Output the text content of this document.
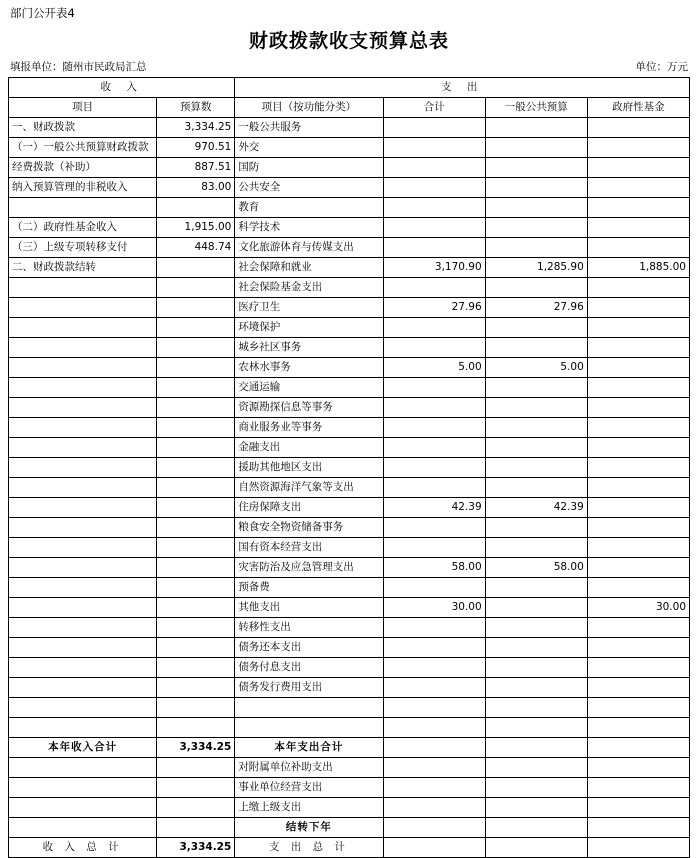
部门公开表4
财政拨款收支预算总表
填报单位：随州市民政局汇总	单位：万元
收 入		支 出			
项目	预算数	项目（按功能分类）	合计	一般公共预算	政府性基金
一、财政拨款	3,334.25	一般公共服务			
（一）一般公共预算财政拨款	970.51	外交			
经费拨款（补助）	887.51	国防			
纳入预算管理的非税收入	83.00	公共安全			
		教育			
（二）政府性基金收入	1,915.00	科学技术			
（三）上级专项转移支付	448.74	文化旅游体育与传媒支出			
二、财政拨款结转		社会保障和就业	3,170.90	1,285.90	1,885.00
		社会保险基金支出			
		医疗卫生	27.96	27.96	
		环境保护			
		城乡社区事务			
		农林水事务	5.00	5.00	
		交通运输			
		资源勘探信息等事务			
		商业服务业等事务			
		金融支出			
		援助其他地区支出			
		自然资源海洋气象等支出			
		住房保障支出	42.39	42.39	
		粮食安全物资储备事务			
		国有资本经营支出			
		灾害防治及应急管理支出	58.00	58.00	
		预备费			
		其他支出	30.00		30.00
		转移性支出			
		债务还本支出			
		债务付息支出			
		债务发行费用支出			

本年收入合计	3,334.25	本年支出合计			
		对附属单位补助支出			
		事业单位经营支出			
		上缴上级支出			
		结转下年			
收 入 总 计	3,334.25	支 出 总 计			
